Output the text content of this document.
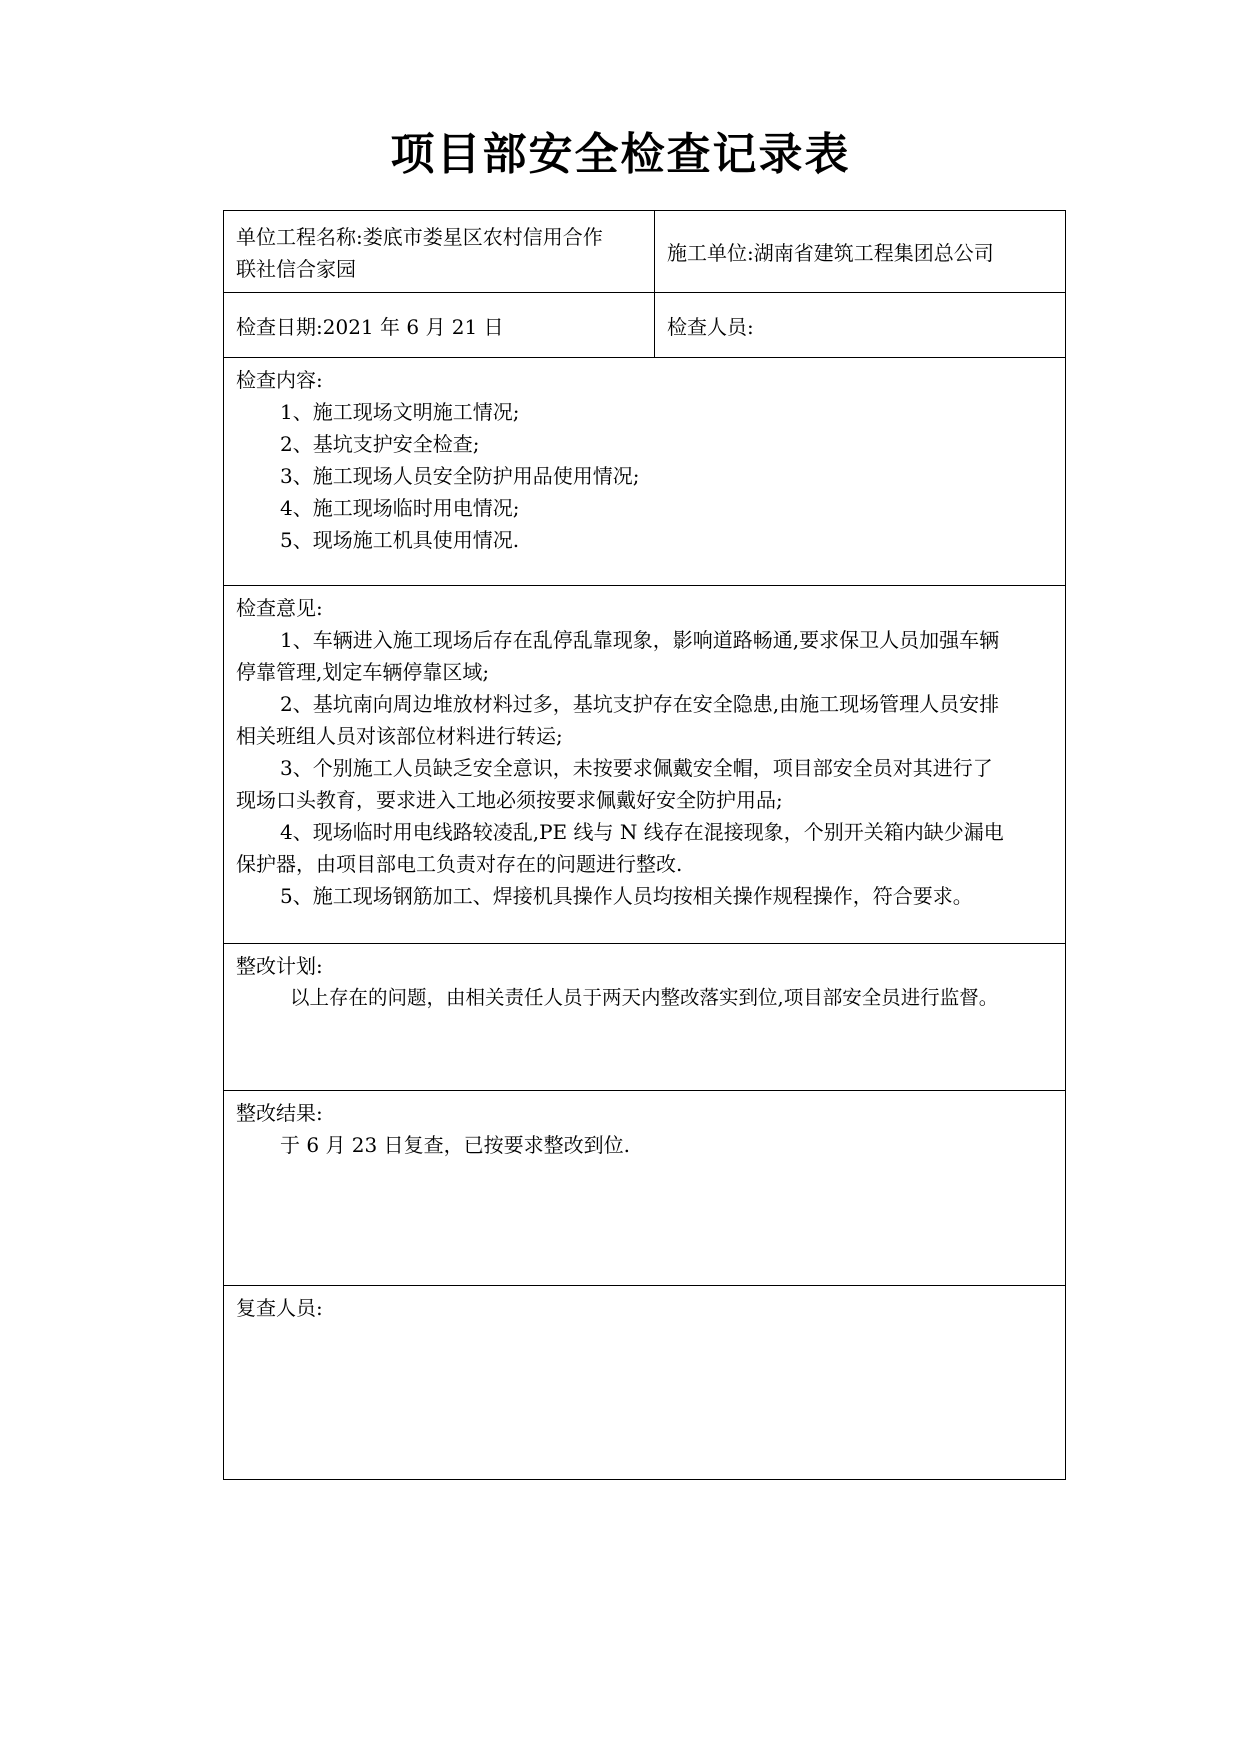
项目部安全检查记录表
单位工程名称:娄底市娄星区农村信用合作
联社信合家园
施工单位: 湖南省建筑工程集团总公司
检查日期: 2021 年 6 月 21 日	检查人员:
检查内容:
1、施工现场文明施工情况;
2、基坑支护安全检查;
3、施工现场人员安全防护用品使用情况;
4、施工现场临时用电情况;
5、现场施工机具使用情况.
检查意见:
1、车辆进入施工现场后存在乱停乱靠现象，影响道路畅通,要求保卫人员加强车辆
停靠管理,划定车辆停靠区域;
2、基坑南向周边堆放材料过多，基坑支护存在安全隐患,由施工现场管理人员安排
相关班组人员对该部位材料进行转运;
3、个别施工人员缺乏安全意识，未按要求佩戴安全帽，项目部安全员对其进行了
现场口头教育，要求进入工地必须按要求佩戴好安全防护用品;
4、现场临时用电线路较凌乱,PE 线与 N 线存在混接现象，个别开关箱内缺少漏电
保护器，由项目部电工负责对存在的问题进行整改.
5、施工现场钢筋加工、焊接机具操作人员均按相关操作规程操作，符合要求。
整改计划:
以上存在的问题，由相关责任人员于两天内整改落实到位,项目部安全员进行监督。
整改结果:
于 6 月 23 日复查，已按要求整改到位.
复查人员:
